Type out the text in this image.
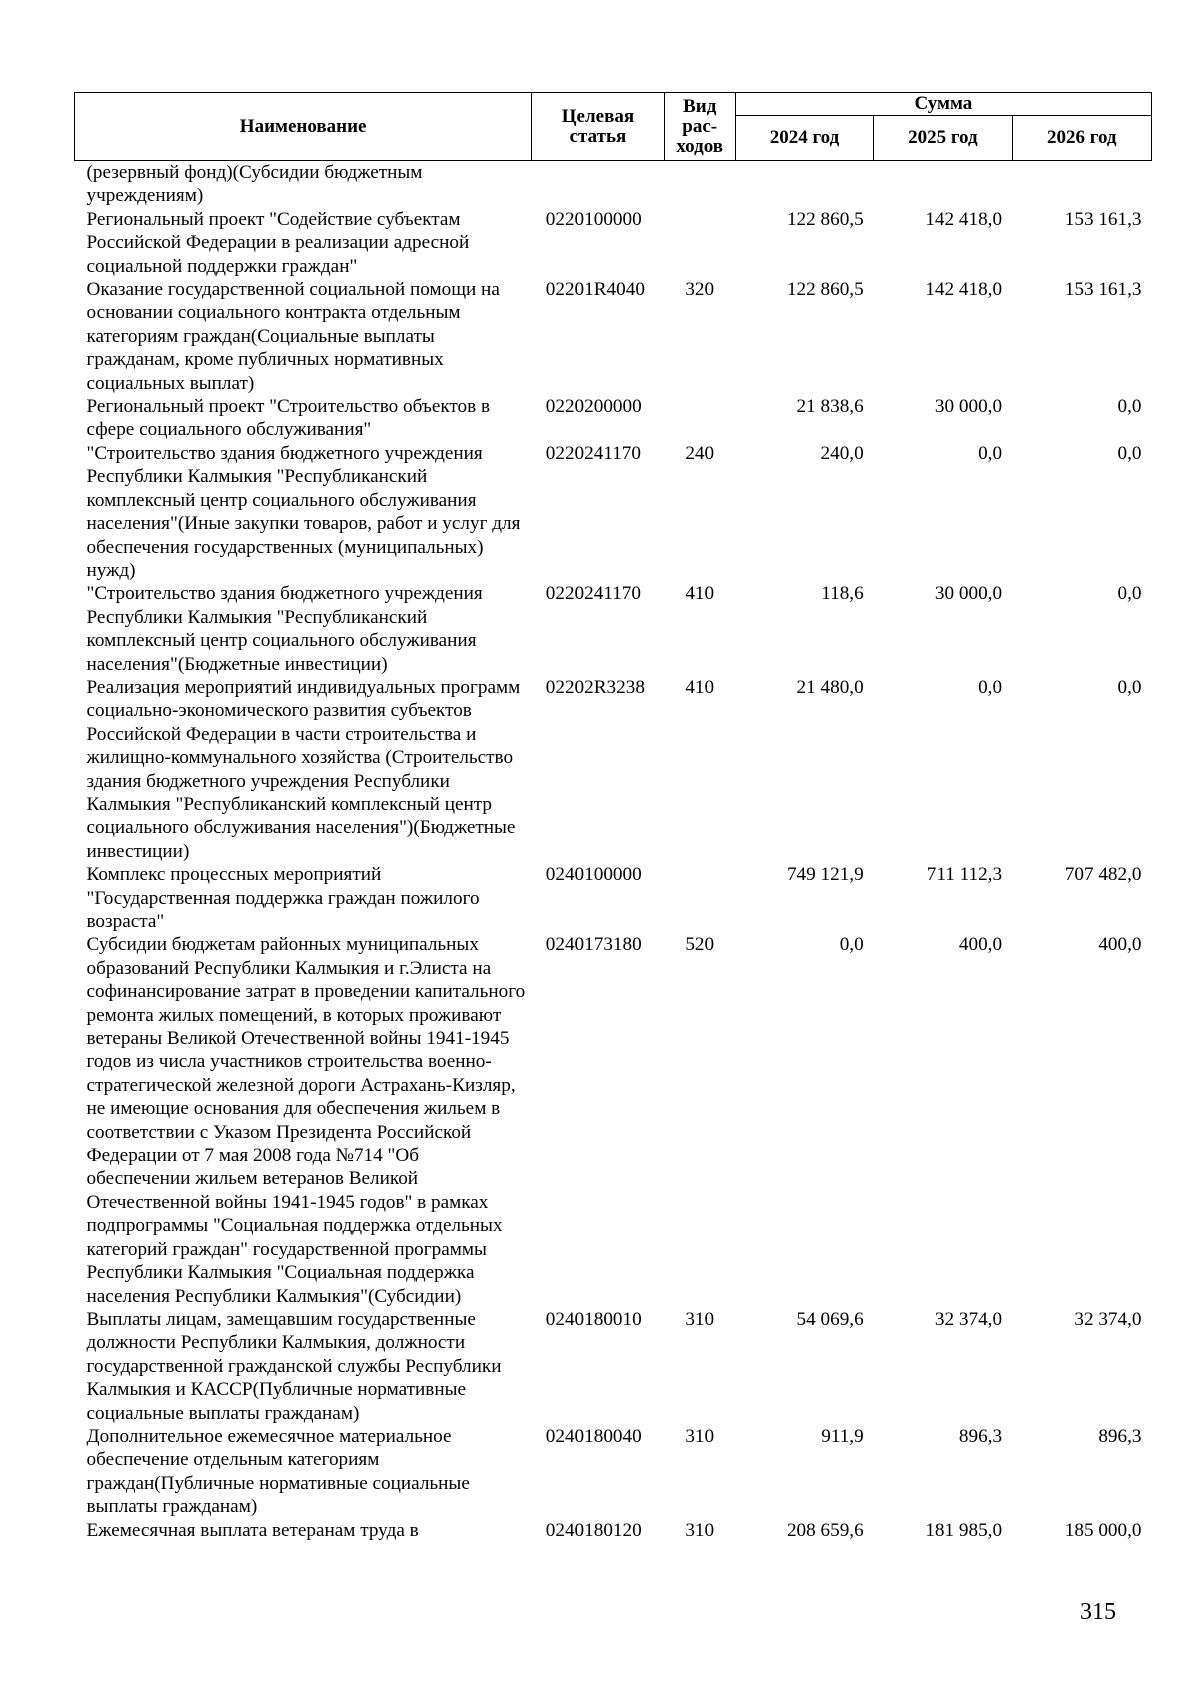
Наименование	Целевая статья	Вид рас-ходов	Сумма		
			2024 год	2025 год	2026 год
(резервный фонд)(Субсидии бюджетным учреждениям)					
Региональный проект "Содействие субъектам Российской Федерации в реализации адресной социальной поддержки граждан"	0220100000		122 860,5	142 418,0	153 161,3
Оказание государственной социальной помощи на основании социального контракта отдельным категориям граждан(Социальные выплаты гражданам, кроме публичных нормативных социальных выплат)	02201R4040	320	122 860,5	142 418,0	153 161,3
Региональный проект "Строительство объектов в сфере социального обслуживания"	0220200000		21 838,6	30 000,0	0,0
"Строительство здания бюджетного учреждения Республики Калмыкия "Республиканский комплексный центр социального обслуживания населения"(Иные закупки товаров, работ и услуг для обеспечения государственных (муниципальных) нужд)	0220241170	240	240,0	0,0	0,0
"Строительство здания бюджетного учреждения Республики Калмыкия "Республиканский комплексный центр социального обслуживания населения"(Бюджетные инвестиции)	0220241170	410	118,6	30 000,0	0,0
Реализация мероприятий индивидуальных программ социально-экономического развития субъектов Российской Федерации в части строительства и жилищно-коммунального хозяйства (Строительство здания бюджетного учреждения Республики Калмыкия "Республиканский комплексный центр социального обслуживания населения")(Бюджетные инвестиции)	02202R3238	410	21 480,0	0,0	0,0
Комплекс процессных мероприятий "Государственная поддержка граждан пожилого возраста"	0240100000		749 121,9	711 112,3	707 482,0
Субсидии бюджетам районных муниципальных образований Республики Калмыкия и г.Элиста на софинансирование затрат в проведении капитального ремонта жилых помещений, в которых проживают ветераны Великой Отечественной войны 1941-1945 годов из числа участников строительства военно-стратегической железной дороги Астрахань-Кизляр, не имеющие основания для обеспечения жильем в соответствии с Указом Президента Российской Федерации от 7 мая 2008 года №714 "Об обеспечении жильем ветеранов Великой Отечественной войны 1941-1945 годов" в рамках подпрограммы "Социальная поддержка отдельных категорий граждан" государственной программы Республики Калмыкия "Социальная поддержка населения Республики Калмыкия"(Субсидии)	0240173180	520	0,0	400,0	400,0
Выплаты лицам, замещавшим государственные должности Республики Калмыкия, должности государственной гражданской службы Республики Калмыкия и КАССР(Публичные нормативные социальные выплаты гражданам)	0240180010	310	54 069,6	32 374,0	32 374,0
Дополнительное ежемесячное материальное обеспечение отдельным категориям граждан(Публичные нормативные социальные выплаты гражданам)	0240180040	310	911,9	896,3	896,3
Ежемесячная выплата ветеранам труда в	0240180120	310	208 659,6	181 985,0	185 000,0
315
